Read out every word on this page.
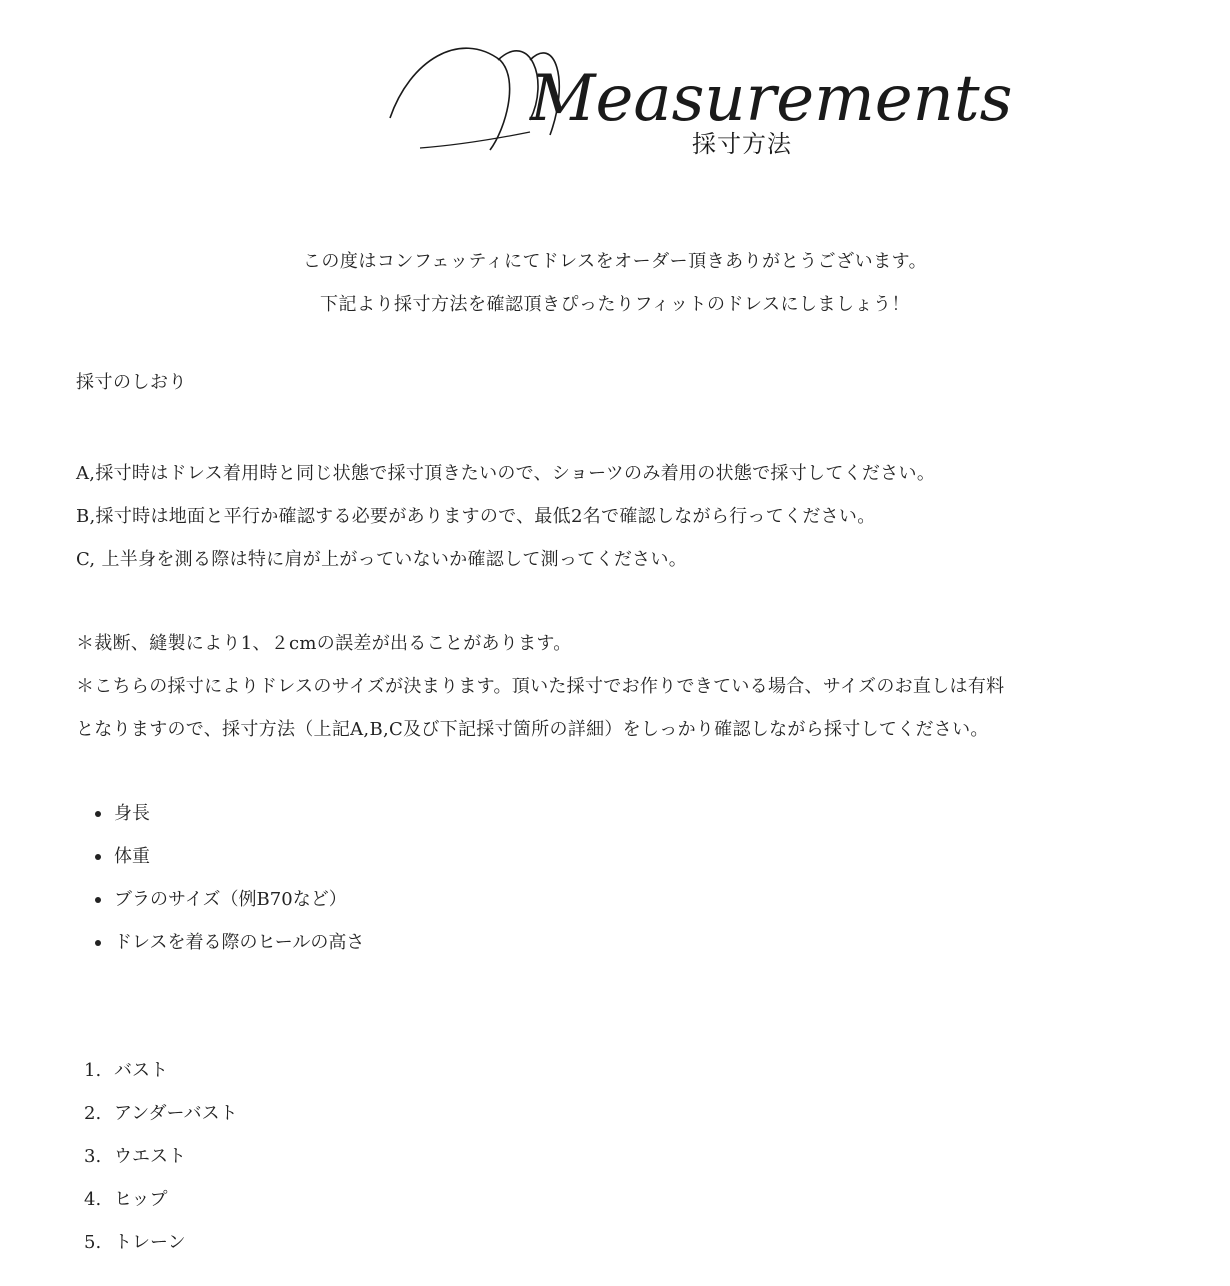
Measurements
採寸方法

この度はコンフェッティにてドレスをオーダー頂きありがとうございます。

下記より採寸方法を確認頂きぴったりフィットのドレスにしましょう！

採寸のしおり

A,採寸時はドレス着用時と同じ状態で採寸頂きたいので、ショーツのみ着用の状態で採寸してください。

B,採寸時は地面と平行か確認する必要がありますので、最低2名で確認しながら行ってください。

C, 上半身を測る際は特に肩が上がっていないか確認して測ってください。

＊裁断、縫製により1、２cmの誤差が出ることがあります。

＊こちらの採寸によりドレスのサイズが決まります。頂いた採寸でお作りできている場合、サイズのお直しは有料

となりますので、採寸方法（上記A,B,C及び下記採寸箇所の詳細）をしっかり確認しながら採寸してください。

身長
体重
ブラのサイズ（例B70など）
ドレスを着る際のヒールの高さ
1. バスト
2. アンダーバスト
3. ウエスト
4. ヒップ
5. トレーン
